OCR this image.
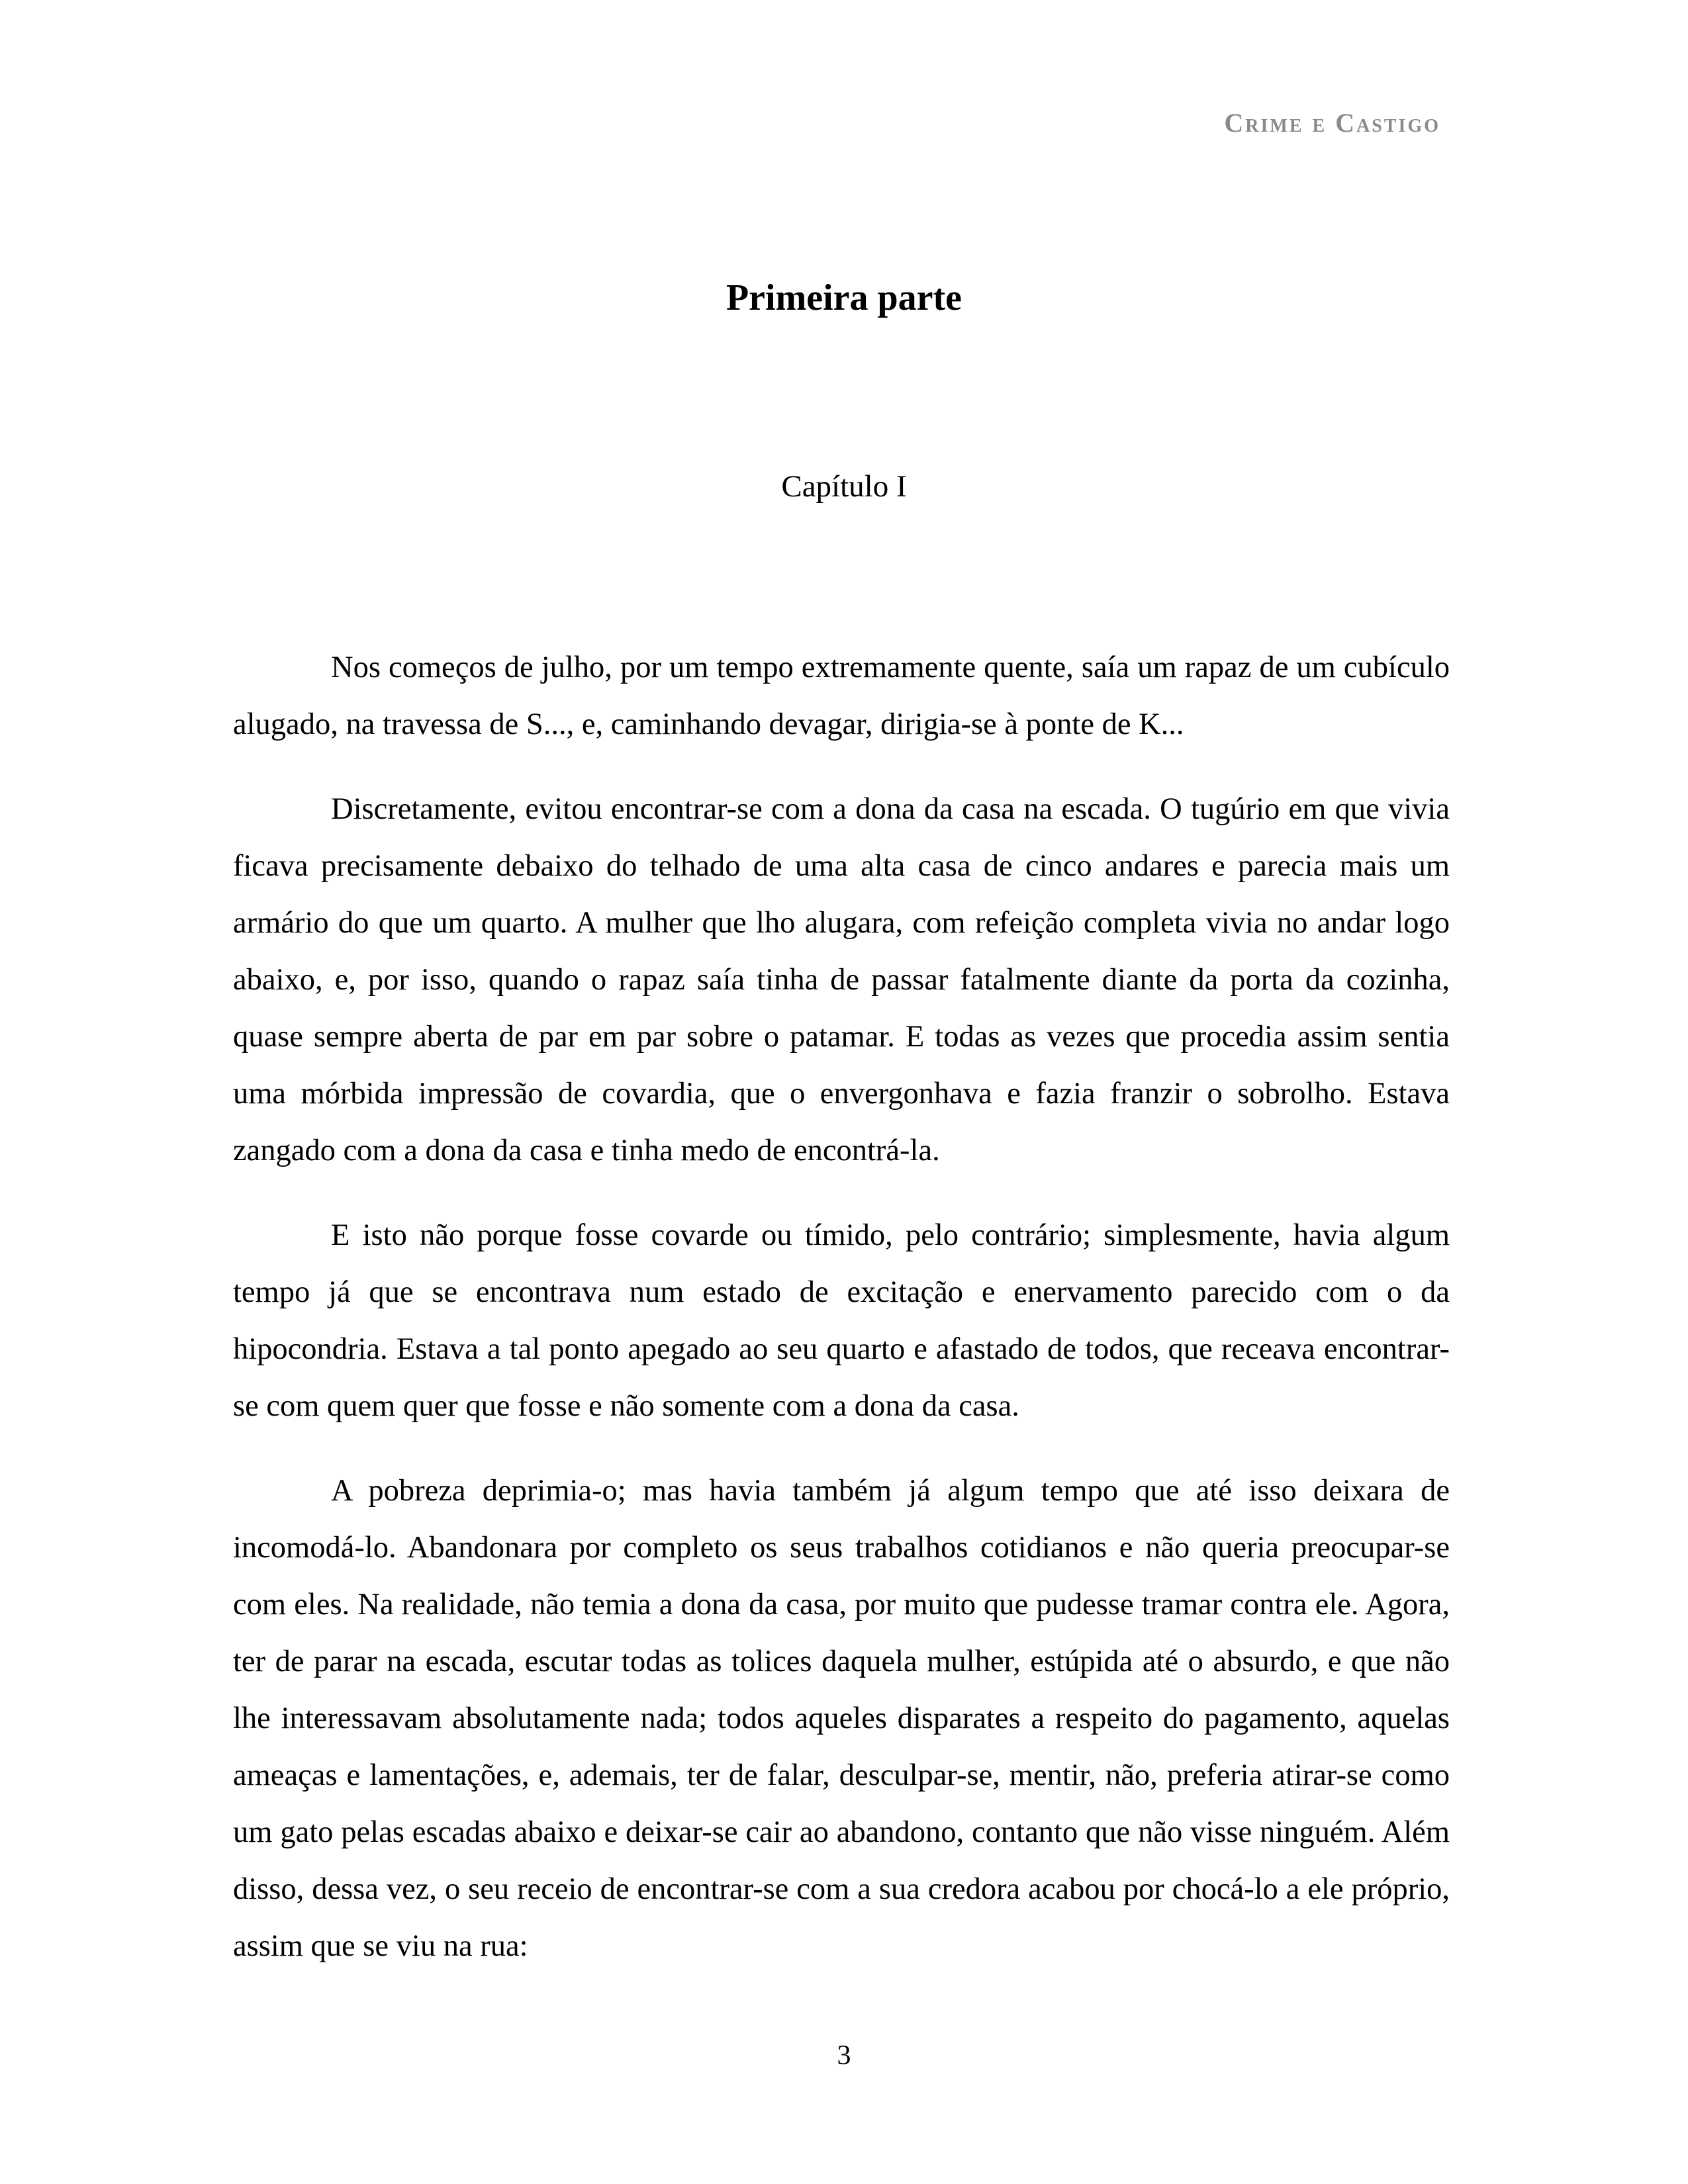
Crime e Castigo
Primeira parte
Capítulo I

Nos começos de julho, por um tempo extremamente quente, saía um rapaz de um cubículo alugado, na travessa de S..., e, caminhando devagar, dirigia-se à ponte de K...

Discretamente, evitou encontrar-se com a dona da casa na escada. O tugúrio em que vivia ficava precisamente debaixo do telhado de uma alta casa de cinco andares e parecia mais um armário do que um quarto. A mulher que lho alugara, com refeição completa vivia no andar logo abaixo, e, por isso, quando o rapaz saía tinha de passar fatalmente diante da porta da cozinha, quase sempre aberta de par em par sobre o patamar. E todas as vezes que procedia assim sentia uma mórbida impressão de covardia, que o envergonhava e fazia franzir o sobrolho. Estava zangado com a dona da casa e tinha medo de encontrá-la.

E isto não porque fosse covarde ou tímido, pelo contrário; simplesmente, havia algum tempo já que se encontrava num estado de excitação e enervamento parecido com o da hipocondria. Estava a tal ponto apegado ao seu quarto e afastado de todos, que receava encontrar-se com quem quer que fosse e não somente com a dona da casa.

A pobreza deprimia-o; mas havia também já algum tempo que até isso deixara de incomodá-lo. Abandonara por completo os seus trabalhos cotidianos e não queria preocupar-se com eles. Na realidade, não temia a dona da casa, por muito que pudesse tramar contra ele. Agora, ter de parar na escada, escutar todas as tolices daquela mulher, estúpida até o absurdo, e que não lhe interessavam absolutamente nada; todos aqueles disparates a respeito do pagamento, aquelas ameaças e lamentações, e, ademais, ter de falar, desculpar-se, mentir, não, preferia atirar-se como um gato pelas escadas abaixo e deixar-se cair ao abandono, contanto que não visse ninguém. Além disso, dessa vez, o seu receio de encontrar-se com a sua credora acabou por chocá-lo a ele próprio, assim que se viu na rua:

3
